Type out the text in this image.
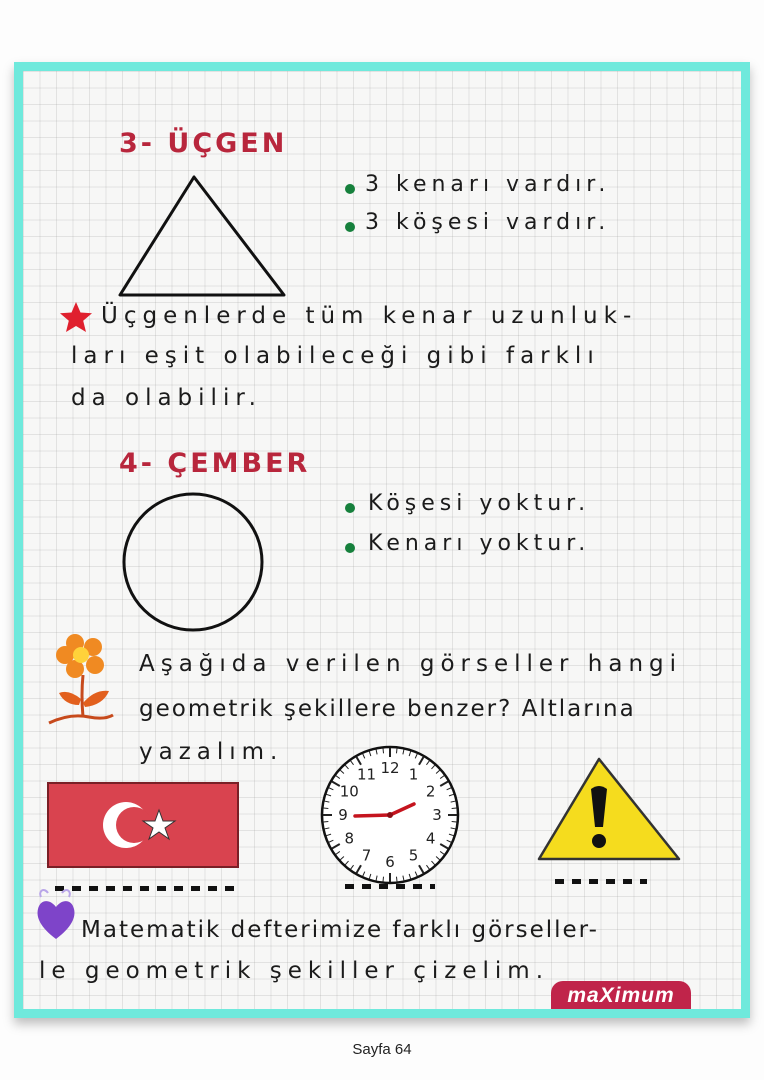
3- ÜÇGEN
3 kenarı vardır.
3 köşesi vardır.
Üçgenlerde tüm kenar uzunluk-
ları eşit olabileceği gibi farklı
da olabilir.
4- ÇEMBER
Köşesi yoktur.
Kenarı yoktur.
Aşağıda verilen görseller hangi
geometrik şekillere benzer? Altlarına
yazalım.
12 1
2
3
4
5
6
7
8
9
10
11
Matematik defterimize farklı görseller-
le geometrik şekiller çizelim.
maXimum
Sayfa 64
